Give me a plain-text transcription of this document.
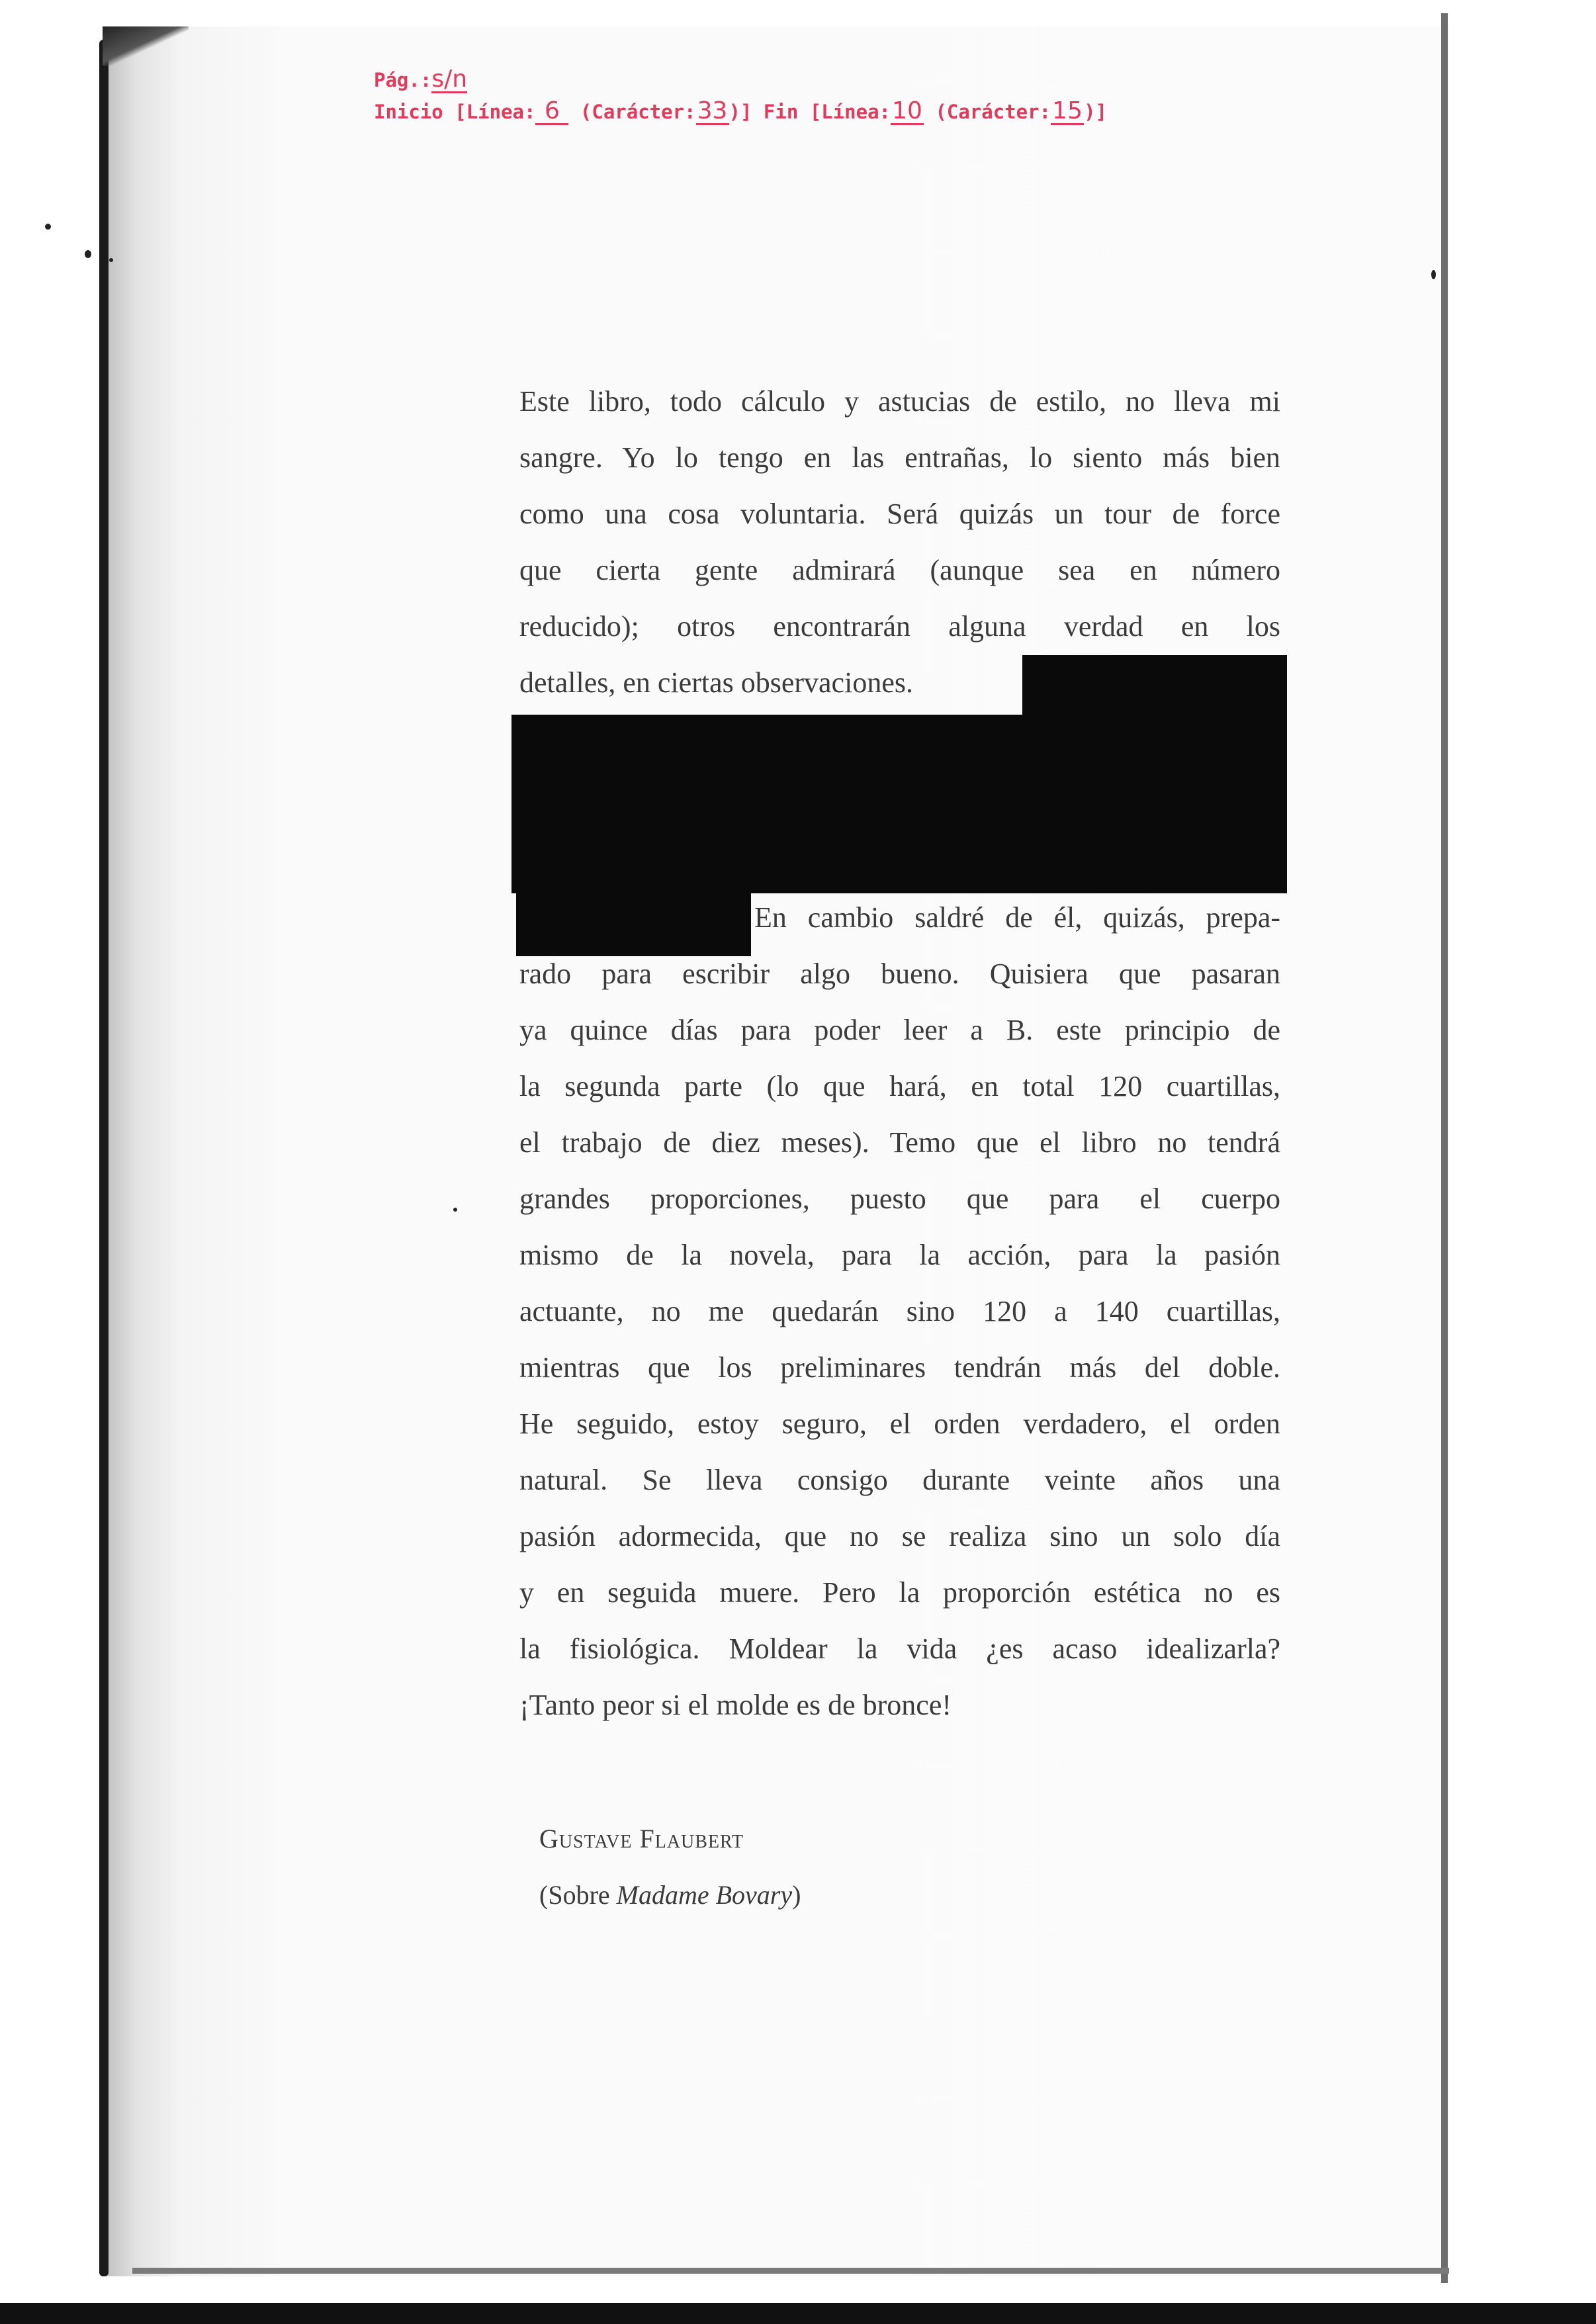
Pág.:s/n
Inicio [Línea: 6 (Carácter:33)] Fin [Línea:10 (Carácter:15)]
Este libro, todo cálculo y astucias de estilo, no lleva mi
sangre. Yo lo tengo en las entrañas, lo siento más bien
como una cosa voluntaria. Será quizás un tour de force
que cierta gente admirará (aunque sea en número
reducido); otros encontrarán alguna verdad en los
detalles, en ciertas observaciones.
En cambio saldré de él, quizás, prepa-
rado para escribir algo bueno. Quisiera que pasaran
ya quince días para poder leer a B. este principio de
la segunda parte (lo que hará, en total 120 cuartillas,
el trabajo de diez meses). Temo que el libro no tendrá
grandes proporciones, puesto que para el cuerpo
mismo de la novela, para la acción, para la pasión
actuante, no me quedarán sino 120 a 140 cuartillas,
mientras que los preliminares tendrán más del doble.
He seguido, estoy seguro, el orden verdadero, el orden
natural. Se lleva consigo durante veinte años una
pasión adormecida, que no se realiza sino un solo día
y en seguida muere. Pero la proporción estética no es
la fisiológica. Moldear la vida ¿es acaso idealizarla?
¡Tanto peor si el molde es de bronce!
Gustave Flaubert
(Sobre Madame Bovary)
